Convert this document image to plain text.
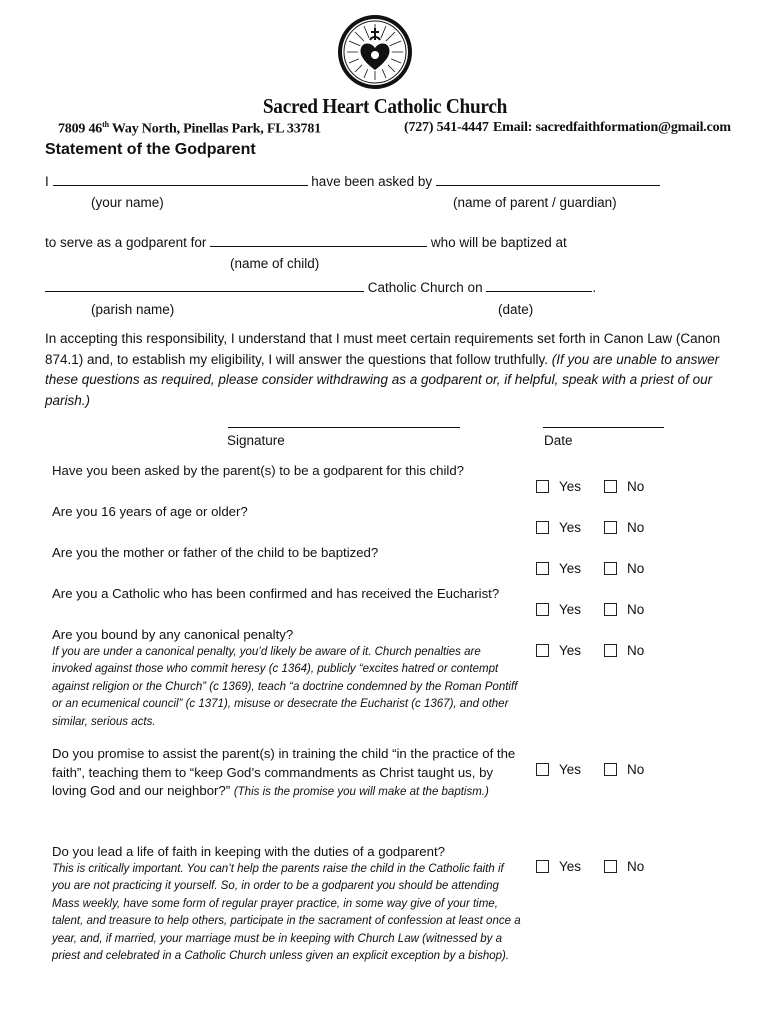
Sacred Heart Catholic Church
7809 46th Way North, Pinellas Park, FL 33781	(727) 541-4447 Email: sacredfaithformation@gmail.com
Statement of the Godparent
I	have been asked by
(your name)	(name of parent / guardian)
to serve as a godparent for	who will be baptized at
(name of child)
Catholic Church on	.
(parish name)	(date)
In accepting this responsibility, I understand that I must meet certain requirements set forth in Canon Law (Canon 874.1) and, to establish my eligibility, I will answer the questions that follow truthfully. (If you are unable to answer these questions as required, please consider withdrawing as a godparent or, if helpful, speak with a priest of our parish.)
Signature	Date
Have you been asked by the parent(s) to be a godparent for this child?
Yes	No
Are you 16 years of age or older?
Yes	No
Are you the mother or father of the child to be baptized?
Yes	No
Are you a Catholic who has been confirmed and has received the Eucharist?
Yes	No
Are you bound by any canonical penalty?
If you are under a canonical penalty, you’d likely be aware of it. Church penalties are invoked against those who commit heresy (c 1364), publicly “excites hatred or contempt against religion or the Church” (c 1369), teach “a doctrine condemned by the Roman Pontiff or an ecumenical council” (c 1371), misuse or desecrate the Eucharist (c 1367), and other similar, serious acts.
Yes	No
Do you promise to assist the parent(s) in training the child “in the practice of the faith”, teaching them to “keep God’s commandments as Christ taught us, by loving God and our neighbor?” (This is the promise you will make at the baptism.)
Yes	No
Do you lead a life of faith in keeping with the duties of a godparent?
This is critically important. You can’t help the parents raise the child in the Catholic faith if you are not practicing it yourself. So, in order to be a godparent you should be attending Mass weekly, have some form of regular prayer practice, in some way give of your time, talent, and treasure to help others, participate in the sacrament of confession at least once a year, and, if married, your marriage must be in keeping with Church Law (witnessed by a priest and celebrated in a Catholic Church unless given an explicit exception by a bishop).
Yes	No
